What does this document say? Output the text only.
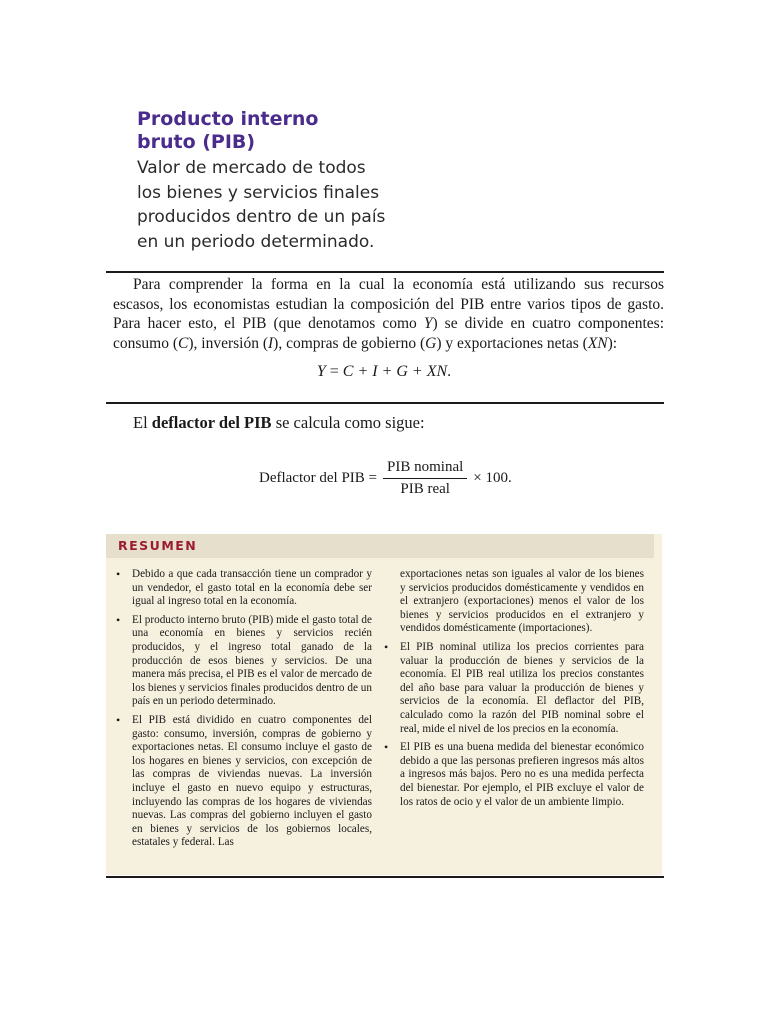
Producto interno
bruto (PIB)
Valor de mercado de todos
los bienes y servicios finales
producidos dentro de un país
en un periodo determinado.
Para comprender la forma en la cual la economía está utilizando sus recursos escasos, los economistas estudian la composición del PIB entre varios tipos de gasto. Para hacer esto, el PIB (que denotamos como Y) se divide en cuatro componentes: consumo (C), inversión (I), compras de gobierno (G) y exportaciones netas (XN):
Y = C + I + G + XN.
El deflactor del PIB se calcula como sigue:
Deflactor del PIB = $\frac{\text{PIB nominal}}{\text{PIB real}} \times 100$.
RESUMEN
• Debido a que cada transacción tiene un comprador y un vendedor, el gasto total en la economía debe ser igual al ingreso total en la economía.
• El producto interno bruto (PIB) mide el gasto total de una economía en bienes y servicios recién producidos, y el ingreso total ganado de la producción de esos bienes y servicios. De una manera más precisa, el PIB es el valor de mercado de los bienes y servicios finales producidos dentro de un país en un periodo determinado.
• El PIB está dividido en cuatro componentes del gasto: consumo, inversión, compras de gobierno y exportaciones netas. El consumo incluye el gasto de los hogares en bienes y servicios, con excepción de las compras de viviendas nuevas. La inversión incluye el gasto en nuevo equipo y estructuras, incluyendo las compras de los hogares de viviendas nuevas. Las compras del gobierno incluyen el gasto en bienes y servicios de los gobiernos locales, estatales y federal. Las
exportaciones netas son iguales al valor de los bienes y servicios producidos domésticamente y vendidos en el extranjero (exportaciones) menos el valor de los bienes y servicios producidos en el extranjero y vendidos domésticamente (importaciones).
• El PIB nominal utiliza los precios corrientes para valuar la producción de bienes y servicios de la economía. El PIB real utiliza los precios constantes del año base para valuar la producción de bienes y servicios de la economía. El deflactor del PIB, calculado como la razón del PIB nominal sobre el real, mide el nivel de los precios en la economía.
• El PIB es una buena medida del bienestar económico debido a que las personas prefieren ingresos más altos a ingresos más bajos. Pero no es una medida perfecta del bienestar. Por ejemplo, el PIB excluye el valor de los ratos de ocio y el valor de un ambiente limpio.
